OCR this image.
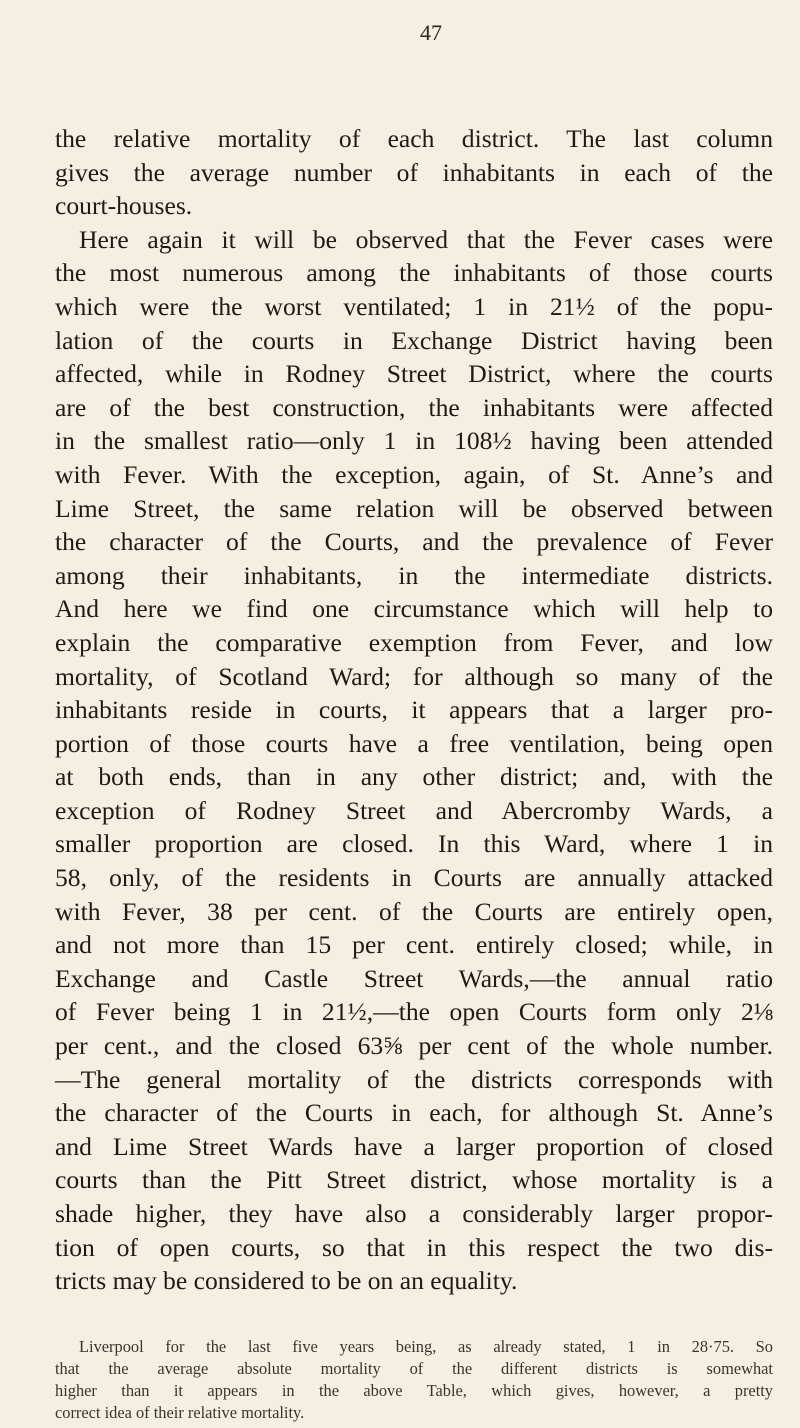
47
the relative mortality of each district. The last column
gives the average number of inhabitants in each of the
court-houses.
Here again it will be observed that the Fever cases were
the most numerous among the inhabitants of those courts
which were the worst ventilated; 1 in 21½ of the popu-
lation of the courts in Exchange District having been
affected, while in Rodney Street District, where the courts
are of the best construction, the inhabitants were affected
in the smallest ratio—only 1 in 108½ having been attended
with Fever. With the exception, again, of St. Anne’s and
Lime Street, the same relation will be observed between
the character of the Courts, and the prevalence of Fever
among their inhabitants, in the intermediate districts.
And here we find one circumstance which will help to
explain the comparative exemption from Fever, and low
mortality, of Scotland Ward; for although so many of the
inhabitants reside in courts, it appears that a larger pro-
portion of those courts have a free ventilation, being open
at both ends, than in any other district; and, with the
exception of Rodney Street and Abercromby Wards, a
smaller proportion are closed. In this Ward, where 1 in
58, only, of the residents in Courts are annually attacked
with Fever, 38 per cent. of the Courts are entirely open,
and not more than 15 per cent. entirely closed; while, in
Exchange and Castle Street Wards,—the annual ratio
of Fever being 1 in 21½,—the open Courts form only 2⅛
per cent., and the closed 63⅝ per cent of the whole number.
—The general mortality of the districts corresponds with
the character of the Courts in each, for although St. Anne’s
and Lime Street Wards have a larger proportion of closed
courts than the Pitt Street district, whose mortality is a
shade higher, they have also a considerably larger propor-
tion of open courts, so that in this respect the two dis-
tricts may be considered to be on an equality.
Liverpool for the last five years being, as already stated, 1 in 28·75. So
that the average absolute mortality of the different districts is somewhat
higher than it appears in the above Table, which gives, however, a pretty
correct idea of their relative mortality.
